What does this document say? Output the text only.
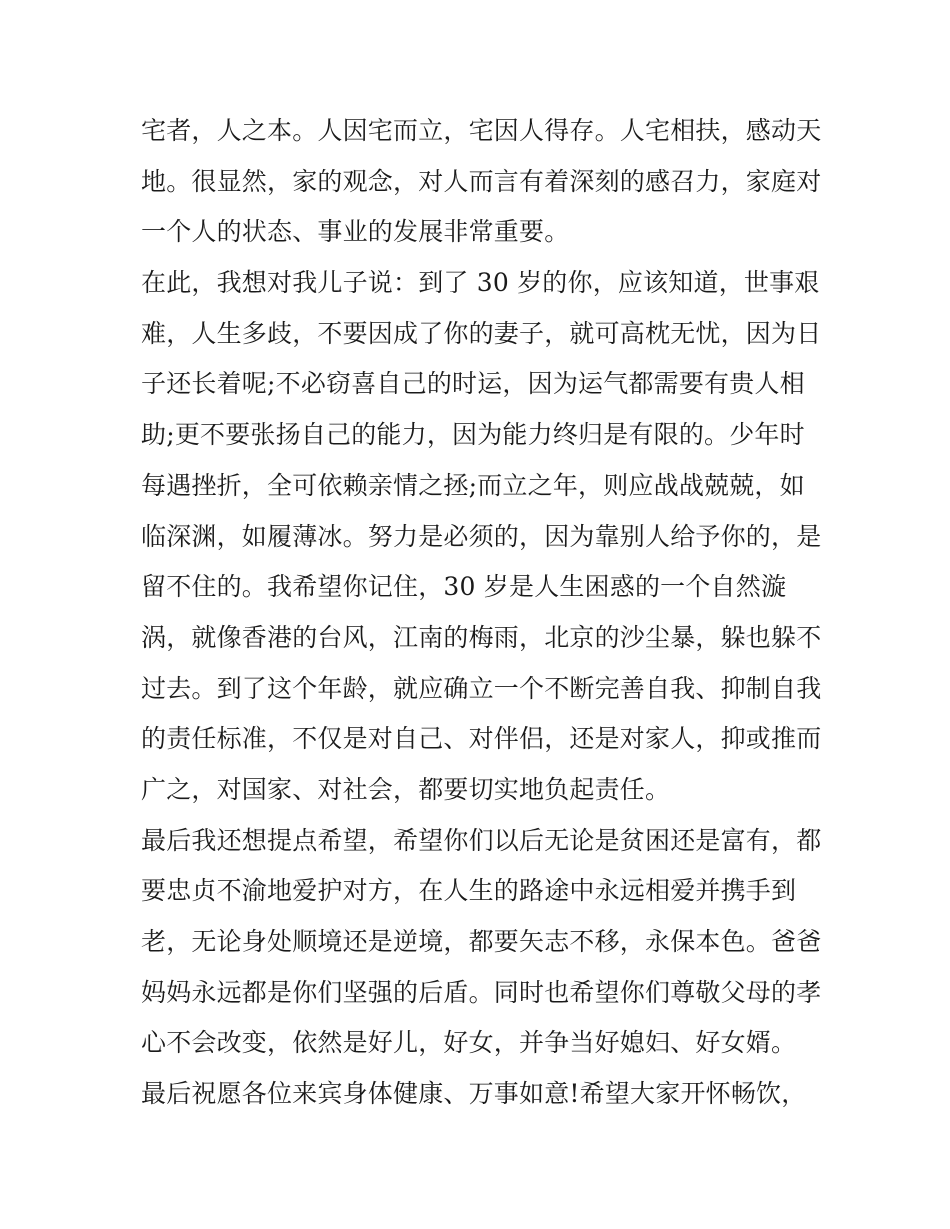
宅者，人之本。人因宅而立，宅因人得存。人宅相扶，感动天
地。很显然，家的观念，对人而言有着深刻的感召力，家庭对
一个人的状态、事业的发展非常重要。
在此，我想对我儿子说：到了 30 岁的你，应该知道，世事艰
难，人生多歧，不要因成了你的妻子，就可高枕无忧，因为日
子还长着呢;不必窃喜自己的时运，因为运气都需要有贵人相
助;更不要张扬自己的能力，因为能力终归是有限的。少年时
每遇挫折，全可依赖亲情之拯;而立之年，则应战战兢兢，如
临深渊，如履薄冰。努力是必须的，因为靠别人给予你的，是
留不住的。我希望你记住，30 岁是人生困惑的一个自然漩
涡，就像香港的台风，江南的梅雨，北京的沙尘暴，躲也躲不
过去。到了这个年龄，就应确立一个不断完善自我、抑制自我
的责任标准，不仅是对自己、对伴侣，还是对家人，抑或推而
广之，对国家、对社会，都要切实地负起责任。
最后我还想提点希望，希望你们以后无论是贫困还是富有，都
要忠贞不渝地爱护对方，在人生的路途中永远相爱并携手到
老，无论身处顺境还是逆境，都要矢志不移，永保本色。爸爸
妈妈永远都是你们坚强的后盾。同时也希望你们尊敬父母的孝
心不会改变，依然是好儿，好女，并争当好媳妇、好女婿。
最后祝愿各位来宾身体健康、万事如意!希望大家开怀畅饮，
